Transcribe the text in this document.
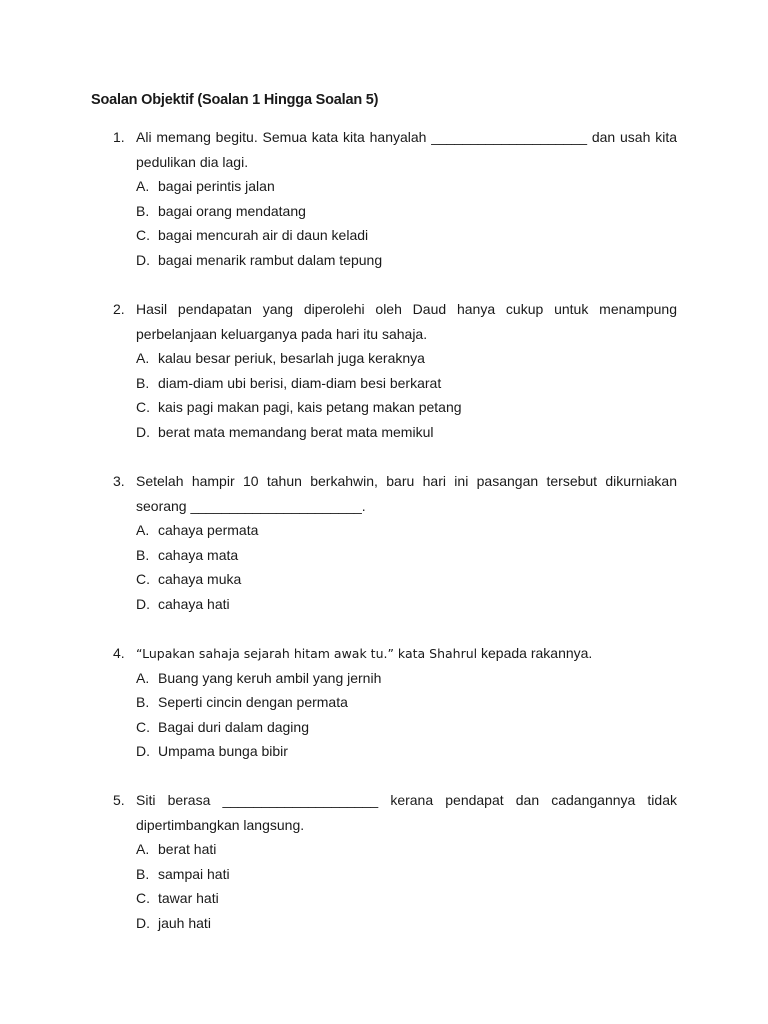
Soalan Objektif (Soalan 1 Hingga Soalan 5)
1. Ali memang begitu. Semua kata kita hanyalah ____________________ dan usah kita
pedulikan dia lagi.
A. bagai perintis jalan
B. bagai orang mendatang
C. bagai mencurah air di daun keladi
D. bagai menarik rambut dalam tepung
2. Hasil pendapatan yang diperolehi oleh Daud hanya cukup untuk menampung
perbelanjaan keluarganya pada hari itu sahaja.
A. kalau besar periuk, besarlah juga keraknya
B. diam-diam ubi berisi, diam-diam besi berkarat
C. kais pagi makan pagi, kais petang makan petang
D. berat mata memandang berat mata memikul
3. Setelah hampir 10 tahun berkahwin, baru hari ini pasangan tersebut dikurniakan
seorang ______________________.
A. cahaya permata
B. cahaya mata
C. cahaya muka
D. cahaya hati
4. “Lupakan sahaja sejarah hitam awak tu.” kata Shahrul kepada rakannya.
A. Buang yang keruh ambil yang jernih
B. Seperti cincin dengan permata
C. Bagai duri dalam daging
D. Umpama bunga bibir
5. Siti berasa ____________________ kerana pendapat dan cadangannya tidak
dipertimbangkan langsung.
A. berat hati
B. sampai hati
C. tawar hati
D. jauh hati
